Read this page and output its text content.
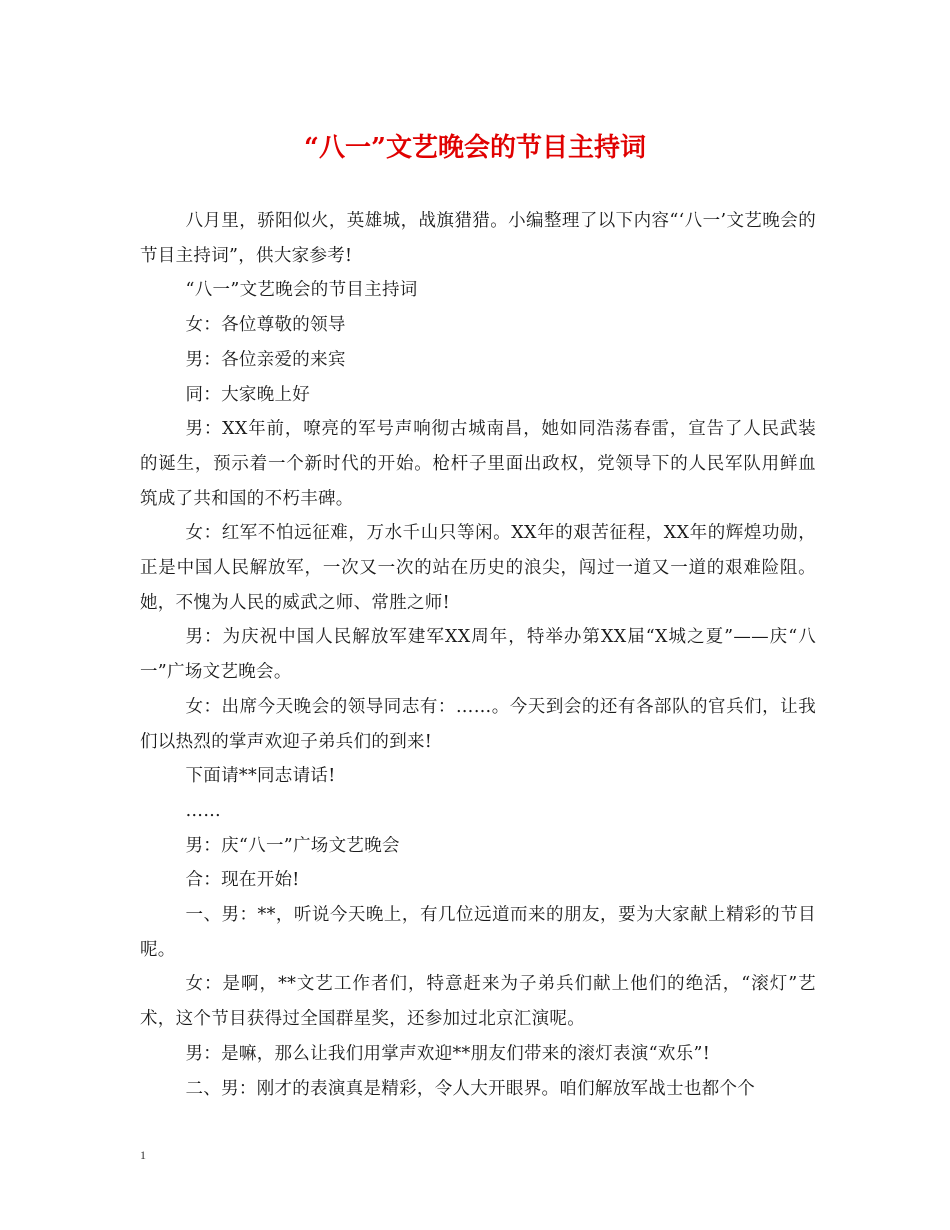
“八一”文艺晚会的节目主持词

八月里，骄阳似火，英雄城，战旗猎猎。小编整理了以下内容“‘八一’文艺晚会的节目主持词”，供大家参考!

“八一”文艺晚会的节目主持词

女：各位尊敬的领导

男：各位亲爱的来宾

同：大家晚上好

男：XX年前，嘹亮的军号声响彻古城南昌，她如同浩荡春雷，宣告了人民武装的诞生，预示着一个新时代的开始。枪杆子里面出政权，党领导下的人民军队用鲜血筑成了共和国的不朽丰碑。

女：红军不怕远征难，万水千山只等闲。XX年的艰苦征程，XX年的辉煌功勋，正是中国人民解放军，一次又一次的站在历史的浪尖，闯过一道又一道的艰难险阻。她，不愧为人民的威武之师、常胜之师!

男：为庆祝中国人民解放军建军XX周年，特举办第XX届“X城之夏”——庆“八一”广场文艺晚会。

女：出席今天晚会的领导同志有：……。今天到会的还有各部队的官兵们，让我们以热烈的掌声欢迎子弟兵们的到来!

下面请**同志请话!

……

男：庆“八一”广场文艺晚会

合：现在开始!

一、男：**，听说今天晚上，有几位远道而来的朋友，要为大家献上精彩的节目呢。

女：是啊，**文艺工作者们，特意赶来为子弟兵们献上他们的绝活，“滚灯”艺术，这个节目获得过全国群星奖，还参加过北京汇演呢。

男：是嘛，那么让我们用掌声欢迎**朋友们带来的滚灯表演“欢乐”!

二、男：刚才的表演真是精彩，令人大开眼界。咱们解放军战士也都个个

1
